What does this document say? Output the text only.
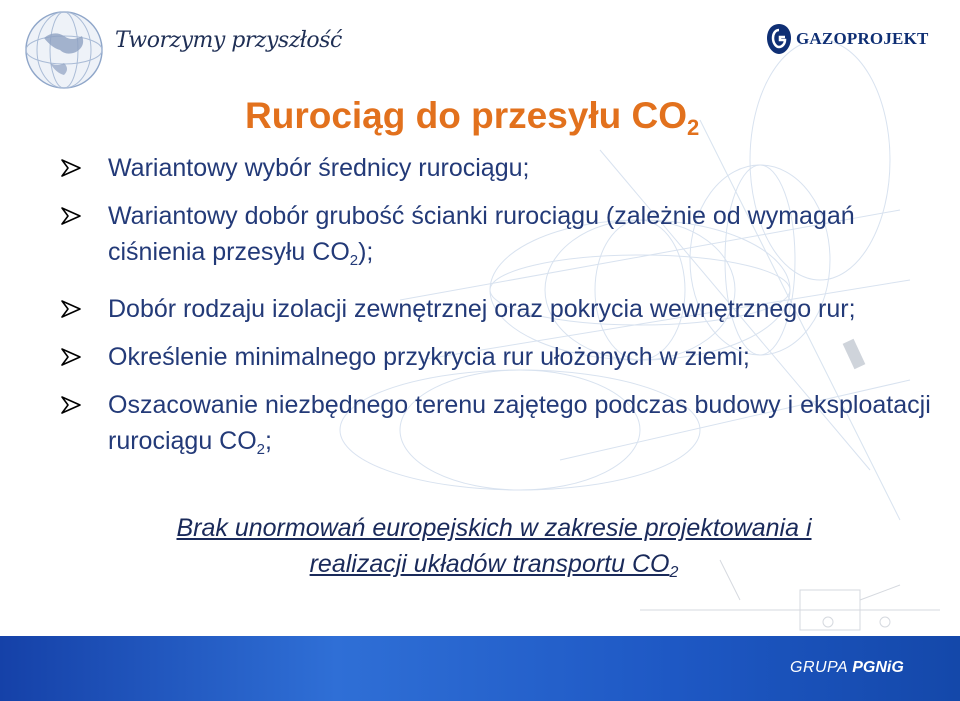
Tworzymy przyszłość	GAZOPROJEKT
Rurociąg do przesyłu $CO_2$
Wariantowy wybór średnicy rurociągu;
Wariantowy dobór grubość ścianki rurociągu (zależnie od wymagań ciśnienia przesyłu $CO_2$);
Dobór rodzaju izolacji zewnętrznej oraz pokrycia wewnętrznego rur;
Określenie minimalnego przykrycia rur ułożonych w ziemi;
Oszacowanie niezbędnego terenu zajętego podczas budowy i eksploatacji rurociągu $CO_2$;
Brak unormowań europejskich w zakresie projektowania i
realizacji układów transportu $CO_2$
GRUPA PGNiG
